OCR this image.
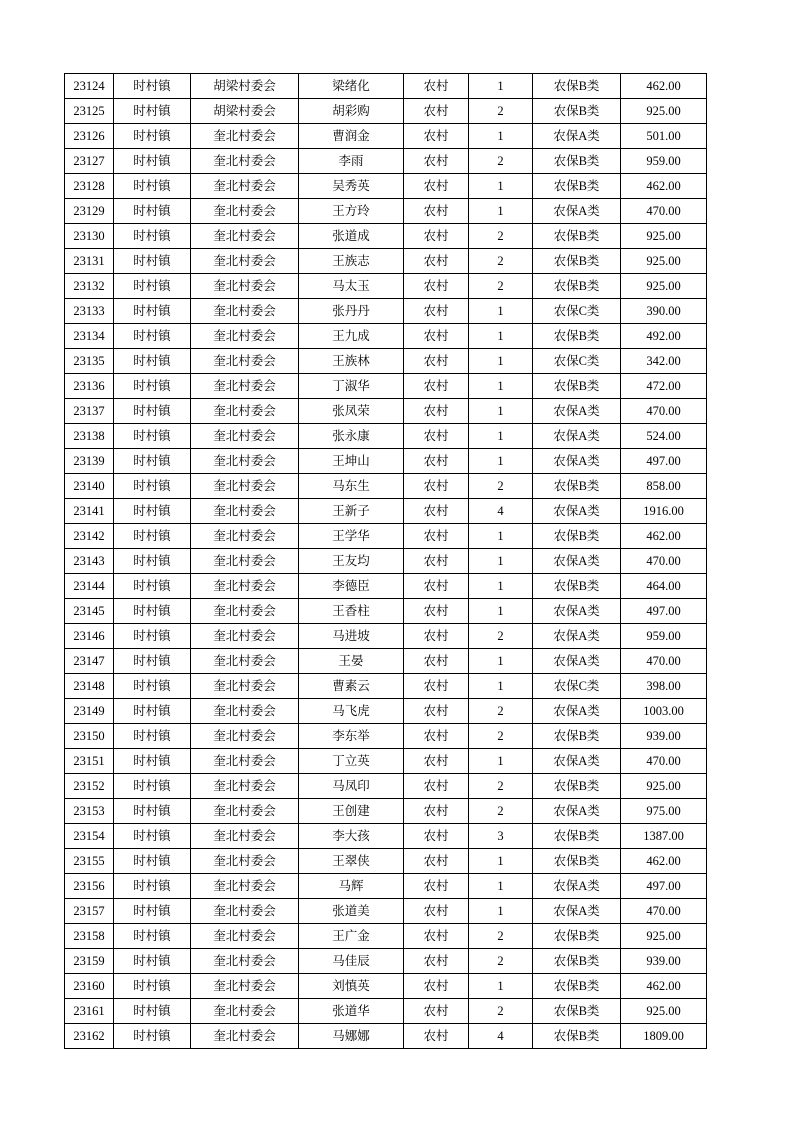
23124	时村镇	胡梁村委会	梁绪化	农村	1	农保B类	462.00
23125	时村镇	胡梁村委会	胡彩购	农村	2	农保B类	925.00
23126	时村镇	奎北村委会	曹润金	农村	1	农保A类	501.00
23127	时村镇	奎北村委会	李雨	农村	2	农保B类	959.00
23128	时村镇	奎北村委会	吴秀英	农村	1	农保B类	462.00
23129	时村镇	奎北村委会	王方玲	农村	1	农保A类	470.00
23130	时村镇	奎北村委会	张道成	农村	2	农保B类	925.00
23131	时村镇	奎北村委会	王族志	农村	2	农保B类	925.00
23132	时村镇	奎北村委会	马太玉	农村	2	农保B类	925.00
23133	时村镇	奎北村委会	张丹丹	农村	1	农保C类	390.00
23134	时村镇	奎北村委会	王九成	农村	1	农保B类	492.00
23135	时村镇	奎北村委会	王族林	农村	1	农保C类	342.00
23136	时村镇	奎北村委会	丁淑华	农村	1	农保B类	472.00
23137	时村镇	奎北村委会	张凤荣	农村	1	农保A类	470.00
23138	时村镇	奎北村委会	张永康	农村	1	农保A类	524.00
23139	时村镇	奎北村委会	王坤山	农村	1	农保A类	497.00
23140	时村镇	奎北村委会	马东生	农村	2	农保B类	858.00
23141	时村镇	奎北村委会	王新子	农村	4	农保A类	1916.00
23142	时村镇	奎北村委会	王学华	农村	1	农保B类	462.00
23143	时村镇	奎北村委会	王友均	农村	1	农保A类	470.00
23144	时村镇	奎北村委会	李德臣	农村	1	农保B类	464.00
23145	时村镇	奎北村委会	王香柱	农村	1	农保A类	497.00
23146	时村镇	奎北村委会	马进坡	农村	2	农保A类	959.00
23147	时村镇	奎北村委会	王晏	农村	1	农保A类	470.00
23148	时村镇	奎北村委会	曹素云	农村	1	农保C类	398.00
23149	时村镇	奎北村委会	马飞虎	农村	2	农保A类	1003.00
23150	时村镇	奎北村委会	李东举	农村	2	农保B类	939.00
23151	时村镇	奎北村委会	丁立英	农村	1	农保A类	470.00
23152	时村镇	奎北村委会	马凤印	农村	2	农保B类	925.00
23153	时村镇	奎北村委会	王创建	农村	2	农保A类	975.00
23154	时村镇	奎北村委会	李大孩	农村	3	农保B类	1387.00
23155	时村镇	奎北村委会	王翠侠	农村	1	农保B类	462.00
23156	时村镇	奎北村委会	马辉	农村	1	农保A类	497.00
23157	时村镇	奎北村委会	张道美	农村	1	农保A类	470.00
23158	时村镇	奎北村委会	王广金	农村	2	农保B类	925.00
23159	时村镇	奎北村委会	马佳辰	农村	2	农保B类	939.00
23160	时村镇	奎北村委会	刘慎英	农村	1	农保B类	462.00
23161	时村镇	奎北村委会	张道华	农村	2	农保B类	925.00
23162	时村镇	奎北村委会	马娜娜	农村	4	农保B类	1809.00
